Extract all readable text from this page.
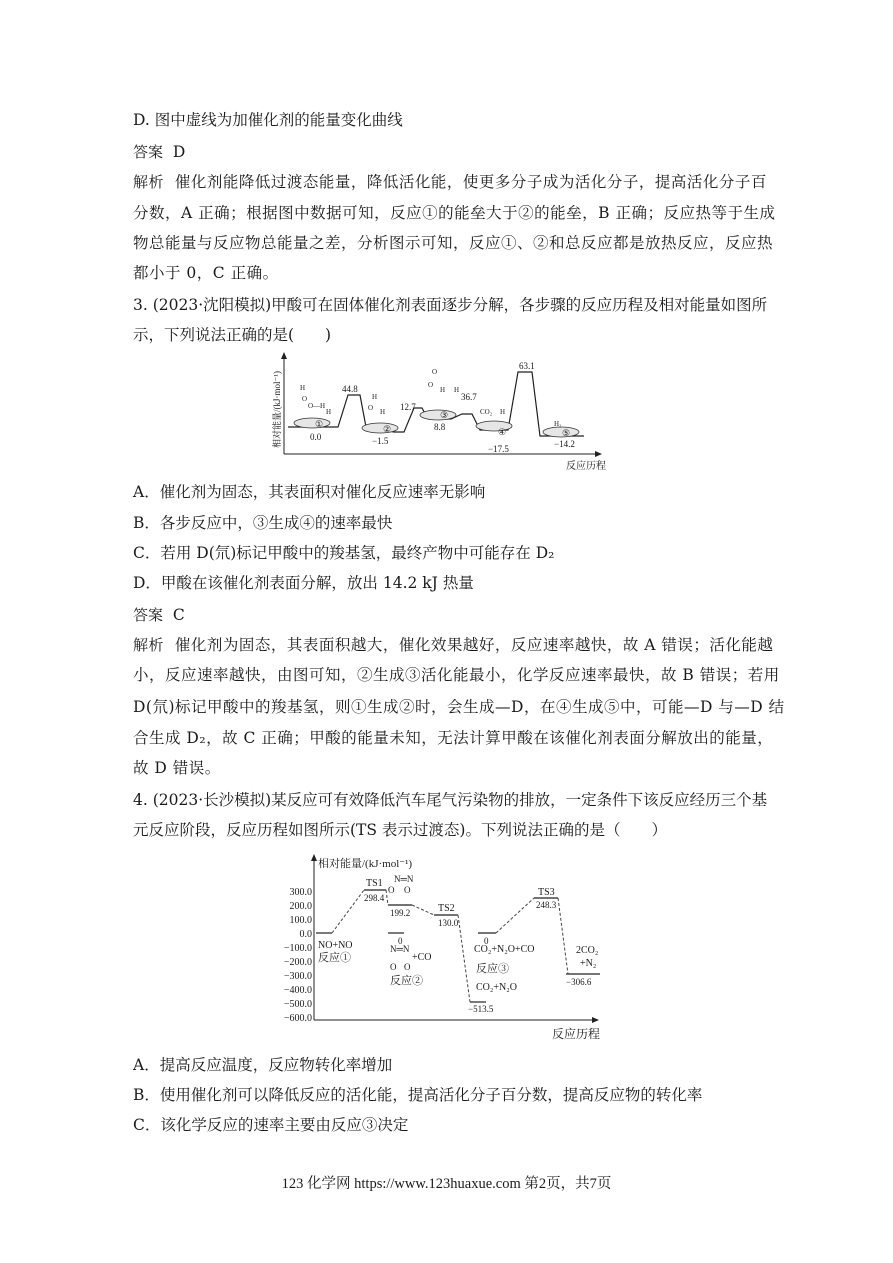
D. 图中虚线为加催化剂的能量变化曲线
答案 D
解析 催化剂能降低过渡态能量，降低活化能，使更多分子成为活化分子，提高活化分子百
分数，A 正确；根据图中数据可知，反应①的能垒大于②的能垒，B 正确；反应热等于生成
物总能量与反应物总能量之差，分析图示可知，反应①、②和总反应都是放热反应，反应热
都小于 0，C 正确。
3. (2023·沈阳模拟)甲酸可在固体催化剂表面逐步分解，各步骤的反应历程及相对能量如图所
示，下列说法正确的是(　　)
相对能量/(kJ·mol⁻¹)
反应历程
①	②
③
④	⑤
0.0	−1.5
8.8
−17.5	−14.2
44.8
12.7
36.7
63.1
H
O
O—H
H
H
O H
O
O
H H
CO₂ H
H₂
A．催化剂为固态，其表面积对催化反应速率无影响
B．各步反应中，③生成④的速率最快
C．若用 D(氘)标记甲酸中的羧基氢，最终产物中可能存在 D₂
D．甲酸在该催化剂表面分解，放出 14.2 kJ 热量
答案 C
解析 催化剂为固态，其表面积越大，催化效果越好，反应速率越快，故 A 错误；活化能越
小，反应速率越快，由图可知，②生成③活化能最小，化学反应速率最快，故 B 错误；若用
D(氘)标记甲酸中的羧基氢，则①生成②时，会生成—D，在④生成⑤中，可能—D 与—D 结
合生成 D₂，故 C 正确；甲酸的能量未知，无法计算甲酸在该催化剂表面分解放出的能量，
故 D 错误。
4. (2023·长沙模拟)某反应可有效降低汽车尾气污染物的排放，一定条件下该反应经历三个基
元反应阶段，反应历程如图所示(TS 表示过渡态)。下列说法正确的是（　　）
相对能量/(kJ·mol⁻¹)
反应历程
300.0
200.0
100.0
0.0
−100.0
−200.0
−300.0
−400.0
−500.0
−600.0
TS1
TS2
TS3
298.4
199.2
130.0
248.3
−513.5
−306.6
0	0
NO+NO
N═N
O O
N═N
+CO
O O
CO₂+N₂O+CO
CO₂+N₂O
2CO₂
+N₂
反应①
反应②
反应③
A．提高反应温度，反应物转化率增加
B．使用催化剂可以降低反应的活化能，提高活化分子百分数，提高反应物的转化率
C．该化学反应的速率主要由反应③决定
123 化学网 https://www.123huaxue.com 第2页，共7页
